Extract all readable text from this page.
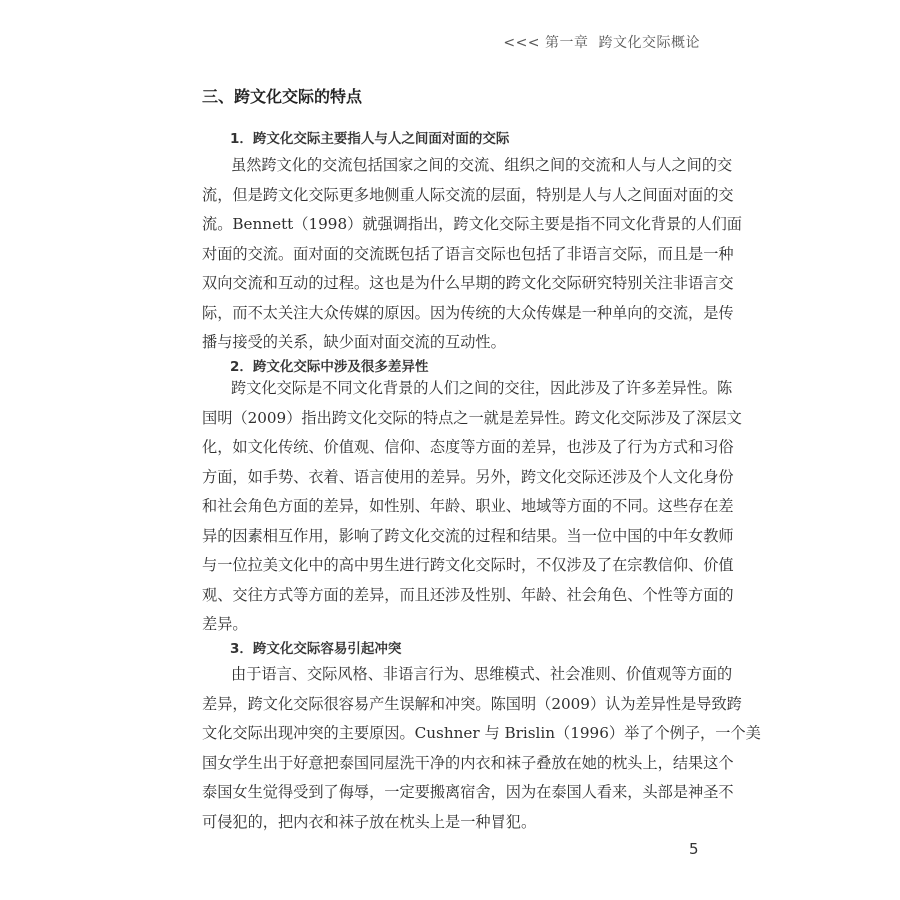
<<< 第一章 跨文化交际概论
三、跨文化交际的特点
1．跨文化交际主要指人与人之间面对面的交际
虽然跨文化的交流包括国家之间的交流、组织之间的交流和人与人之间的交
流，但是跨文化交际更多地侧重人际交流的层面，特别是人与人之间面对面的交
流。Bennett（1998）就强调指出，跨文化交际主要是指不同文化背景的人们面
对面的交流。面对面的交流既包括了语言交际也包括了非语言交际，而且是一种
双向交流和互动的过程。这也是为什么早期的跨文化交际研究特别关注非语言交
际，而不太关注大众传媒的原因。因为传统的大众传媒是一种单向的交流，是传
播与接受的关系，缺少面对面交流的互动性。
2．跨文化交际中涉及很多差异性
跨文化交际是不同文化背景的人们之间的交往，因此涉及了许多差异性。陈
国明（2009）指出跨文化交际的特点之一就是差异性。跨文化交际涉及了深层文
化，如文化传统、价值观、信仰、态度等方面的差异，也涉及了行为方式和习俗
方面，如手势、衣着、语言使用的差异。另外，跨文化交际还涉及个人文化身份
和社会角色方面的差异，如性别、年龄、职业、地域等方面的不同。这些存在差
异的因素相互作用，影响了跨文化交流的过程和结果。当一位中国的中年女教师
与一位拉美文化中的高中男生进行跨文化交际时，不仅涉及了在宗教信仰、价值
观、交往方式等方面的差异，而且还涉及性别、年龄、社会角色、个性等方面的
差异。
3．跨文化交际容易引起冲突
由于语言、交际风格、非语言行为、思维模式、社会准则、价值观等方面的
差异，跨文化交际很容易产生误解和冲突。陈国明（2009）认为差异性是导致跨
文化交际出现冲突的主要原因。Cushner 与 Brislin（1996）举了个例子，一个美
国女学生出于好意把泰国同屋洗干净的内衣和袜子叠放在她的枕头上，结果这个
泰国女生觉得受到了侮辱，一定要搬离宿舍，因为在泰国人看来，头部是神圣不
可侵犯的，把内衣和袜子放在枕头上是一种冒犯。
5
